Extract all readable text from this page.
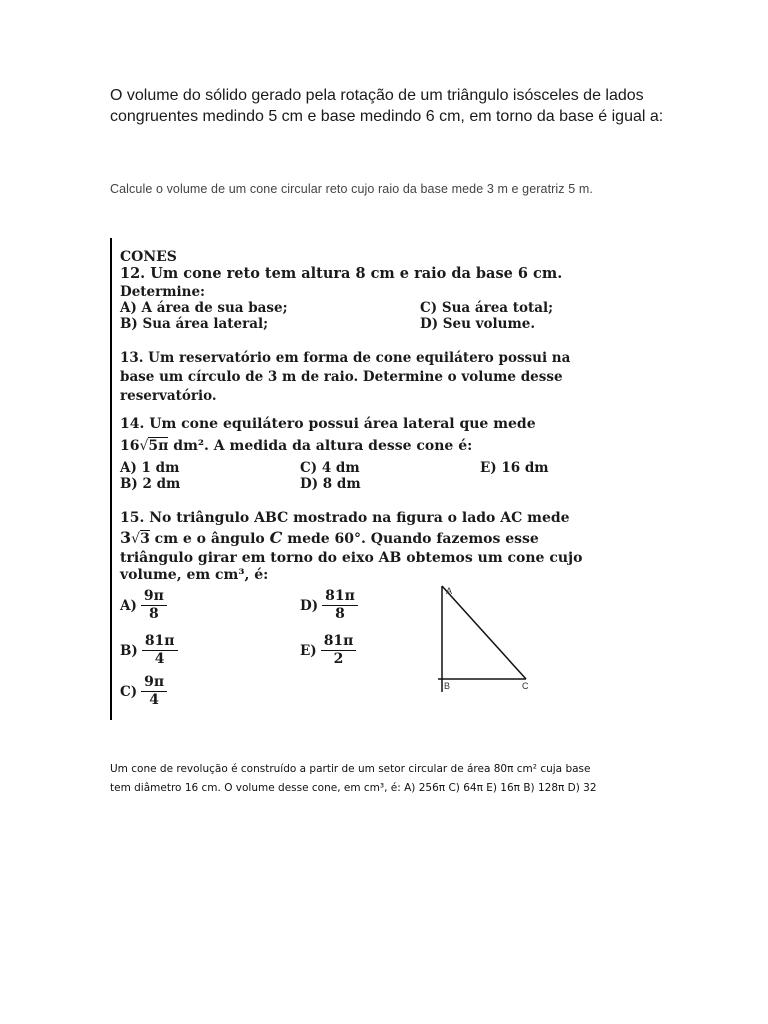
O volume do sólido gerado pela rotação de um triângulo isósceles de lados congruentes medindo 5 cm e base medindo 6 cm, em torno da base é igual a:
Calcule o volume de um cone circular reto cujo raio da base mede 3 m e geratriz 5 m.
CONES
12. Um cone reto tem altura 8 cm e raio da base 6 cm.
Determine:
A) A área de sua base;	C) Sua área total;
B) Sua área lateral;	D) Seu volume.
13. Um reservatório em forma de cone equilátero possui na
base um círculo de 3 m de raio. Determine o volume desse
reservatório.
14. Um cone equilátero possui área lateral que mede
16√5π dm². A medida da altura desse cone é:
A) 1 dm	C) 4 dm	E) 16 dm
B) 2 dm	D) 8 dm
15. No triângulo ABC mostrado na figura o lado AC mede
3√3 cm e o ângulo C mede 60°. Quando fazemos esse
triângulo girar em torno do eixo AB obtemos um cone cujo
volume, em cm³, é:
$A) \frac{9\pi}{8}$	$D) \frac{81\pi}{8}$
$B) \frac{81\pi}{4}$	$E) \frac{81\pi}{2}$
$C) \frac{9\pi}{4}$
A
B	C
Um cone de revolução é construído a partir de um setor circular de área 80π cm² cuja base
tem diâmetro 16 cm. O volume desse cone, em cm³, é: A) 256π C) 64π E) 16π B) 128π D) 32
